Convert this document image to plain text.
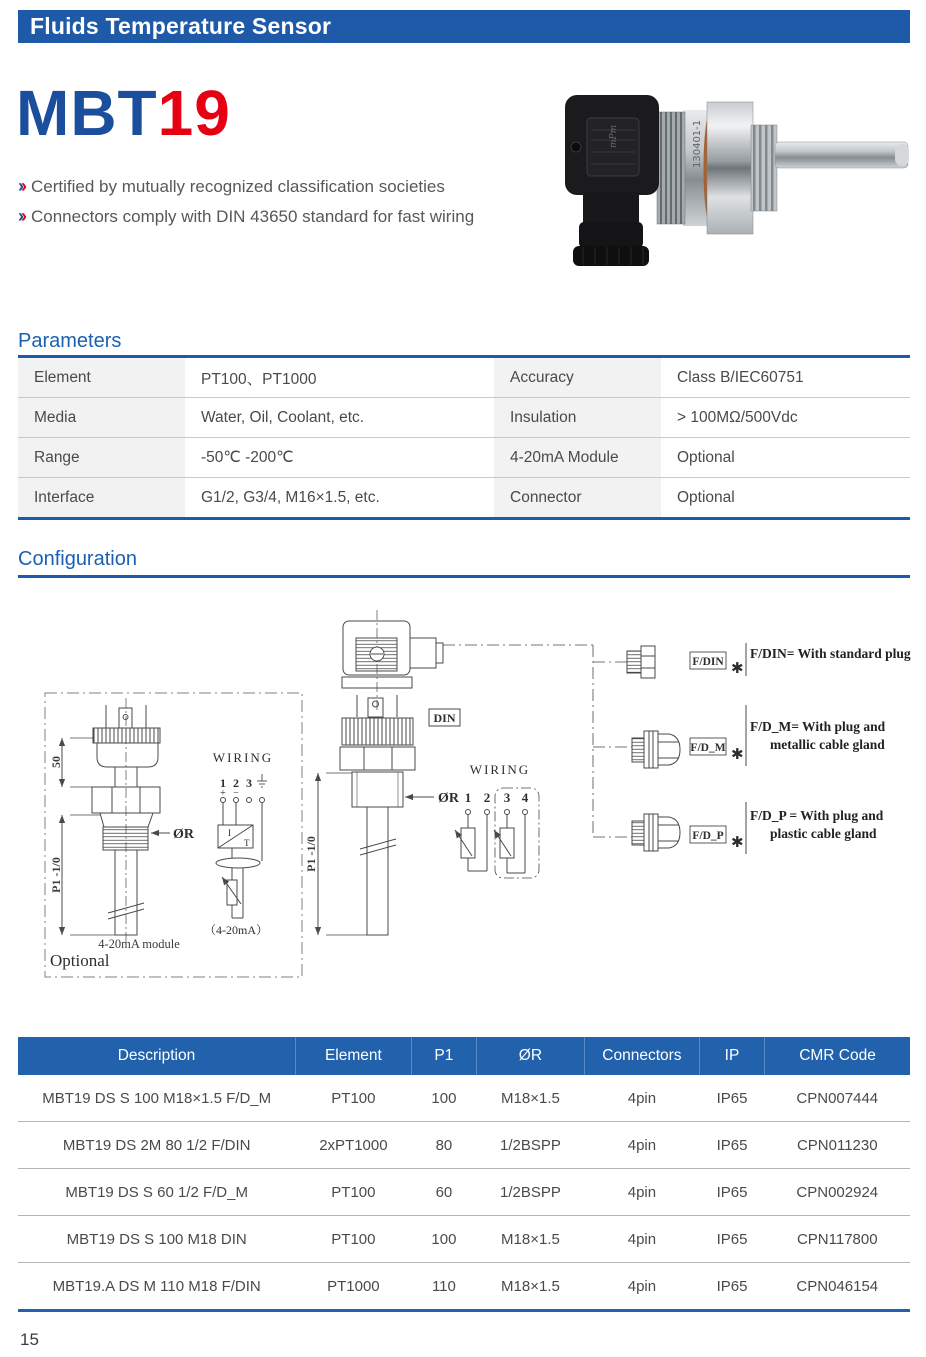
Fluids Temperature Sensor
MBT19
›› Certified by mutually recognized classification societies
›› Connectors comply with DIN 43650 standard for fast wiring
130401-1
mPm
Parameters
Element	PT100、PT1000	Accuracy	Class B/IEC60751
Media	Water, Oil, Coolant, etc.	Insulation	> 100MΩ/500Vdc
Range	-50℃ -200℃	4-20mA Module	Optional
Interface	G1/2, G3/4, M16×1.5, etc.	Connector	Optional
Configuration
50
P1 -1/0
ØR
4-20mA module
Optional
WIRING
1 2 3
+ −
I
T
（4-20mA）
DIN
ØR
P1 -1/0
WIRING
1 2 3 4
F/DIN ✱
F/DIN= With standard plug
F/D_M ✱
F/D_M= With plug and
metallic cable gland
F/D_P ✱
F/D_P = With plug and
plastic cable gland
Description	Element	P1	ØR	Connectors	IP	CMR Code
MBT19 DS S 100 M18×1.5 F/D_M	PT100	100	M18×1.5	4pin	IP65	CPN007444
MBT19 DS 2M 80 1/2 F/DIN	2xPT1000	80	1/2BSPP	4pin	IP65	CPN011230
MBT19 DS S 60 1/2 F/D_M	PT100	60	1/2BSPP	4pin	IP65	CPN002924
MBT19 DS S 100 M18 DIN	PT100	100	M18×1.5	4pin	IP65	CPN117800
MBT19.A DS M 110 M18 F/DIN	PT1000	110	M18×1.5	4pin	IP65	CPN046154
15
